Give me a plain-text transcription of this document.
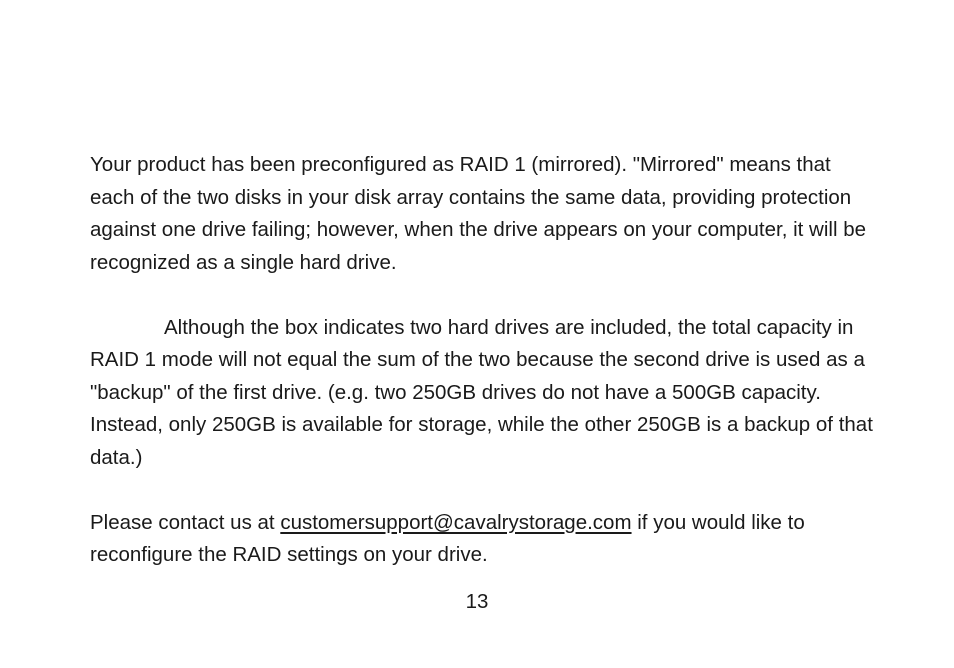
Your product has been preconfigured as RAID 1 (mirrored). "Mirrored" means that each of the two disks in your disk array contains the same data, providing protection against one drive failing; however, when the drive appears on your computer, it will be recognized as a single hard drive.

Although the box indicates two hard drives are included, the total capacity in RAID 1 mode will not equal the sum of the two because the second drive is used as a "backup" of the first drive. (e.g. two 250GB drives do not have a 500GB capacity. Instead, only 250GB is available for storage, while the other 250GB is a backup of that data.)

Please contact us at customersupport@cavalrystorage.com if you would like to reconfigure the RAID settings on your drive.

13
